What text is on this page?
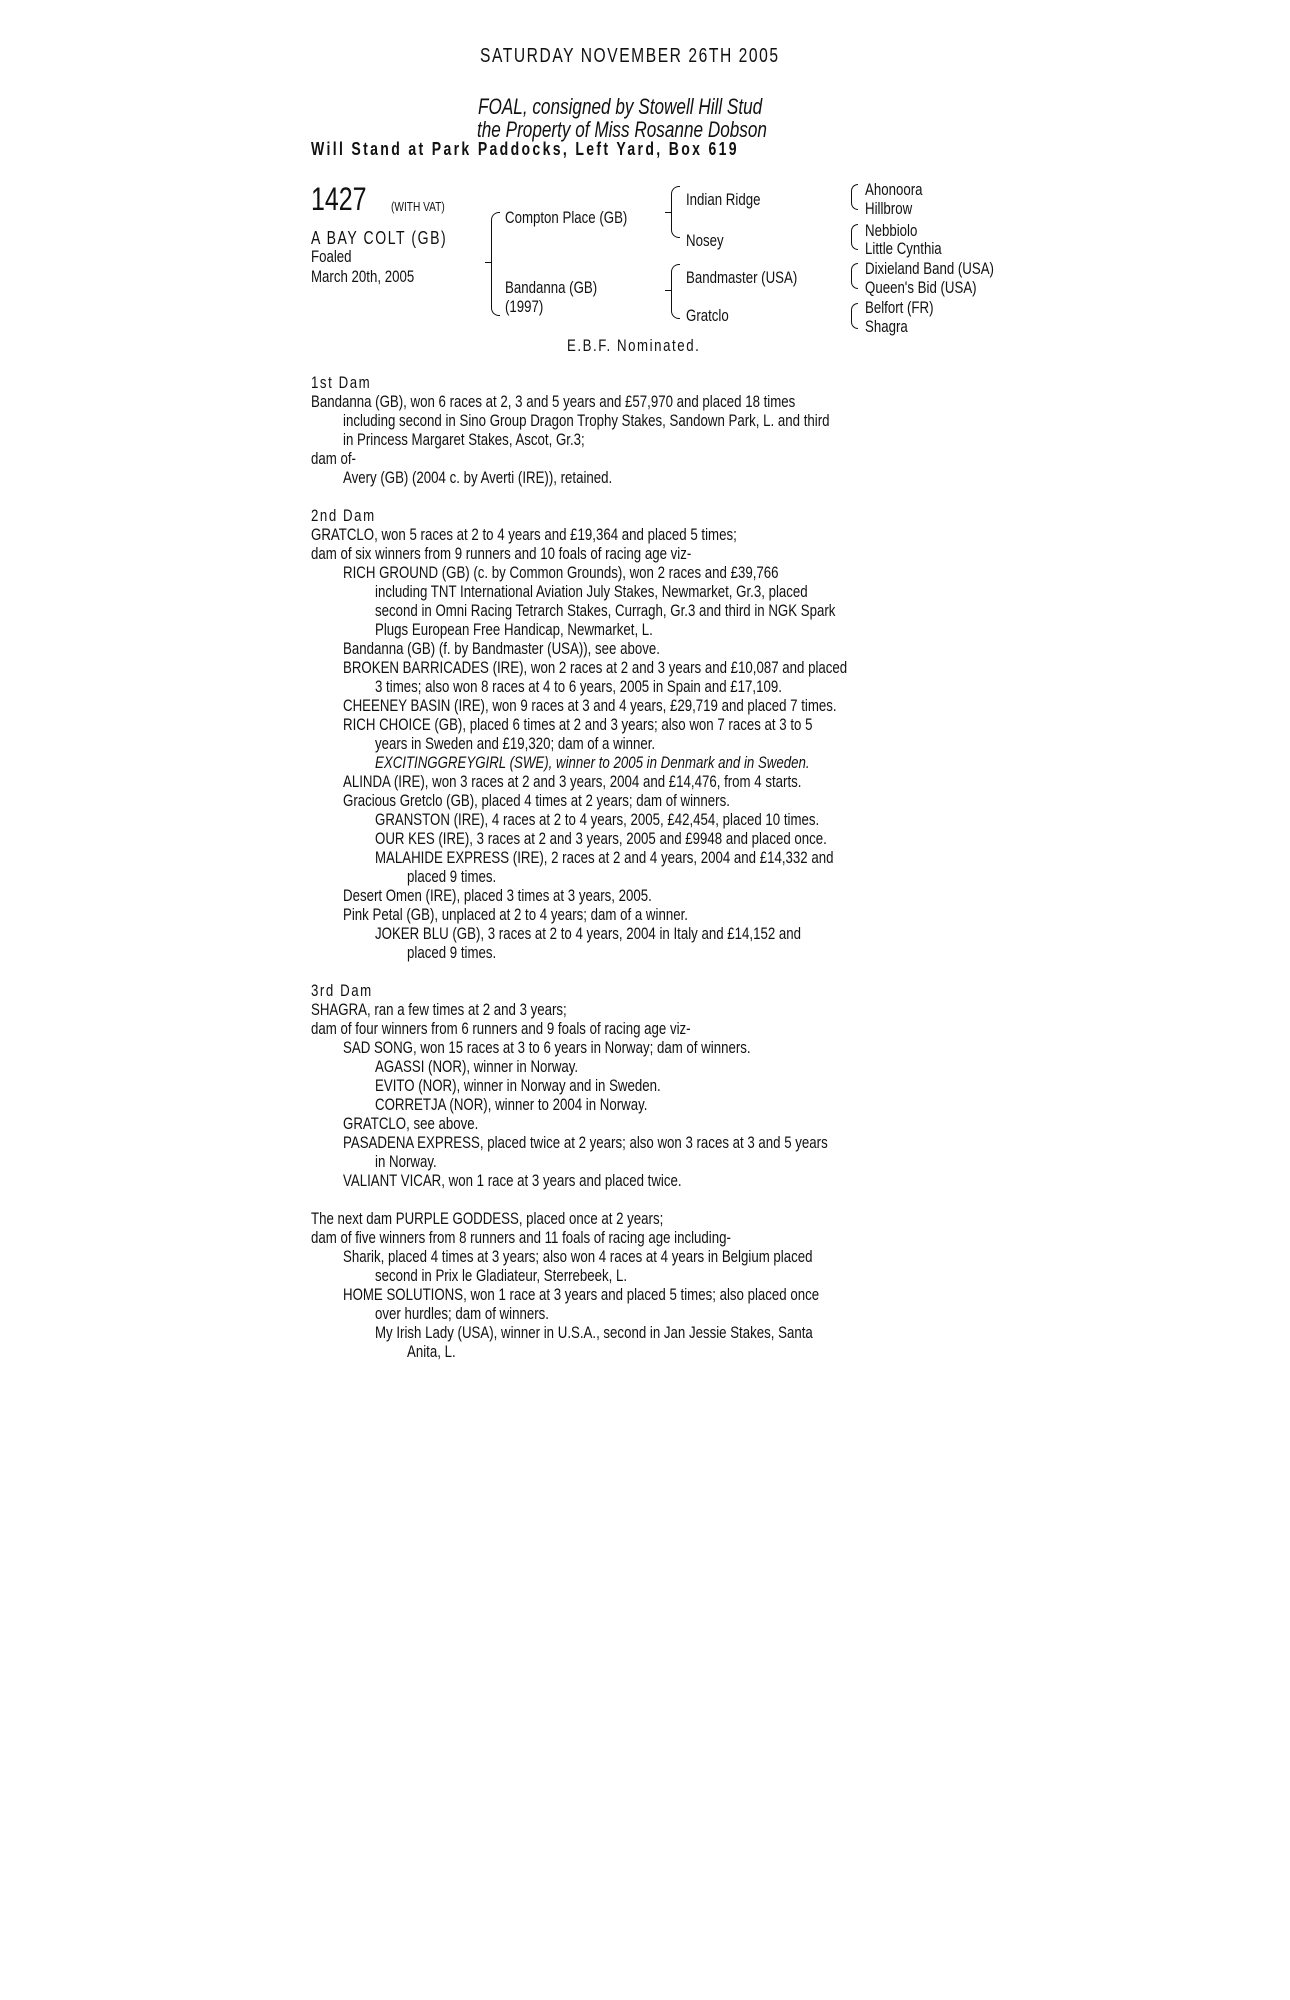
SATURDAY NOVEMBER 26TH 2005
FOAL, consigned by Stowell Hill Stud
the Property of Miss Rosanne Dobson
Will Stand at Park Paddocks, Left Yard, Box 619
1427 (WITH VAT)
A BAY COLT (GB)
Foaled
March 20th, 2005
Compton Place (GB)
Bandanna (GB)
(1997)
Indian Ridge
Nosey
Bandmaster (USA)
Gratclo
Ahonoora
Hillbrow
Nebbiolo
Little Cynthia
Dixieland Band (USA)
Queen's Bid (USA)
Belfort (FR)
Shagra
E.B.F. Nominated.
1st Dam
Bandanna (GB), won 6 races at 2, 3 and 5 years and £57,970 and placed 18 times
including second in Sino Group Dragon Trophy Stakes, Sandown Park, L. and third
in Princess Margaret Stakes, Ascot, Gr.3;
dam of-
Avery (GB) (2004 c. by Averti (IRE)), retained.
2nd Dam
GRATCLO, won 5 races at 2 to 4 years and £19,364 and placed 5 times;
dam of six winners from 9 runners and 10 foals of racing age viz-
RICH GROUND (GB) (c. by Common Grounds), won 2 races and £39,766
including TNT International Aviation July Stakes, Newmarket, Gr.3, placed
second in Omni Racing Tetrarch Stakes, Curragh, Gr.3 and third in NGK Spark
Plugs European Free Handicap, Newmarket, L.
Bandanna (GB) (f. by Bandmaster (USA)), see above.
BROKEN BARRICADES (IRE), won 2 races at 2 and 3 years and £10,087 and placed
3 times; also won 8 races at 4 to 6 years, 2005 in Spain and £17,109.
CHEENEY BASIN (IRE), won 9 races at 3 and 4 years, £29,719 and placed 7 times.
RICH CHOICE (GB), placed 6 times at 2 and 3 years; also won 7 races at 3 to 5
years in Sweden and £19,320; dam of a winner.
EXCITINGGREYGIRL (SWE), winner to 2005 in Denmark and in Sweden.
ALINDA (IRE), won 3 races at 2 and 3 years, 2004 and £14,476, from 4 starts.
Gracious Gretclo (GB), placed 4 times at 2 years; dam of winners.
GRANSTON (IRE), 4 races at 2 to 4 years, 2005, £42,454, placed 10 times.
OUR KES (IRE), 3 races at 2 and 3 years, 2005 and £9948 and placed once.
MALAHIDE EXPRESS (IRE), 2 races at 2 and 4 years, 2004 and £14,332 and
placed 9 times.
Desert Omen (IRE), placed 3 times at 3 years, 2005.
Pink Petal (GB), unplaced at 2 to 4 years; dam of a winner.
JOKER BLU (GB), 3 races at 2 to 4 years, 2004 in Italy and £14,152 and
placed 9 times.
3rd Dam
SHAGRA, ran a few times at 2 and 3 years;
dam of four winners from 6 runners and 9 foals of racing age viz-
SAD SONG, won 15 races at 3 to 6 years in Norway; dam of winners.
AGASSI (NOR), winner in Norway.
EVITO (NOR), winner in Norway and in Sweden.
CORRETJA (NOR), winner to 2004 in Norway.
GRATCLO, see above.
PASADENA EXPRESS, placed twice at 2 years; also won 3 races at 3 and 5 years
in Norway.
VALIANT VICAR, won 1 race at 3 years and placed twice.
The next dam PURPLE GODDESS, placed once at 2 years;
dam of five winners from 8 runners and 11 foals of racing age including-
Sharik, placed 4 times at 3 years; also won 4 races at 4 years in Belgium placed
second in Prix le Gladiateur, Sterrebeek, L.
HOME SOLUTIONS, won 1 race at 3 years and placed 5 times; also placed once
over hurdles; dam of winners.
My Irish Lady (USA), winner in U.S.A., second in Jan Jessie Stakes, Santa
Anita, L.
